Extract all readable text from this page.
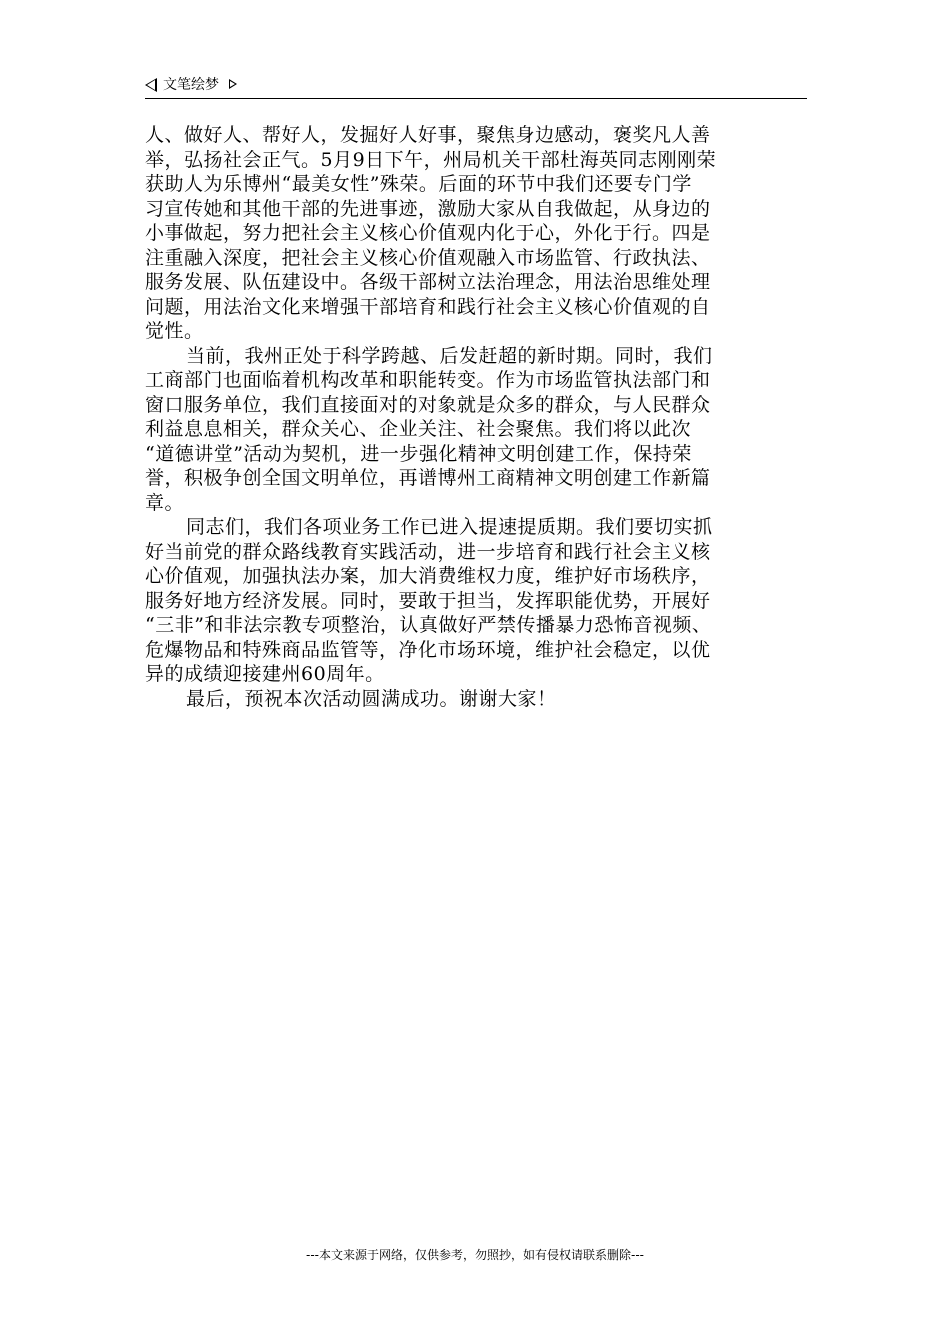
文笔绘梦
人、做好人、帮好人，发掘好人好事，聚焦身边感动，褒奖凡人善
举，弘扬社会正气。5月9日下午，州局机关干部杜海英同志刚刚荣
获助人为乐博州“最美女性”殊荣。后面的环节中我们还要专门学
习宣传她和其他干部的先进事迹，激励大家从自我做起，从身边的
小事做起，努力把社会主义核心价值观内化于心，外化于行。四是
注重融入深度，把社会主义核心价值观融入市场监管、行政执法、
服务发展、队伍建设中。各级干部树立法治理念，用法治思维处理
问题，用法治文化来增强干部培育和践行社会主义核心价值观的自
觉性。
当前，我州正处于科学跨越、后发赶超的新时期。同时，我们
工商部门也面临着机构改革和职能转变。作为市场监管执法部门和
窗口服务单位，我们直接面对的对象就是众多的群众，与人民群众
利益息息相关，群众关心、企业关注、社会聚焦。我们将以此次
“道德讲堂”活动为契机，进一步强化精神文明创建工作，保持荣
誉，积极争创全国文明单位，再谱博州工商精神文明创建工作新篇
章。
同志们，我们各项业务工作已进入提速提质期。我们要切实抓
好当前党的群众路线教育实践活动，进一步培育和践行社会主义核
心价值观，加强执法办案，加大消费维权力度，维护好市场秩序，
服务好地方经济发展。同时，要敢于担当，发挥职能优势，开展好
“三非”和非法宗教专项整治，认真做好严禁传播暴力恐怖音视频、
危爆物品和特殊商品监管等，净化市场环境，维护社会稳定，以优
异的成绩迎接建州60周年。
最后，预祝本次活动圆满成功。谢谢大家！
---本文来源于网络，仅供参考，勿照抄，如有侵权请联系删除---
